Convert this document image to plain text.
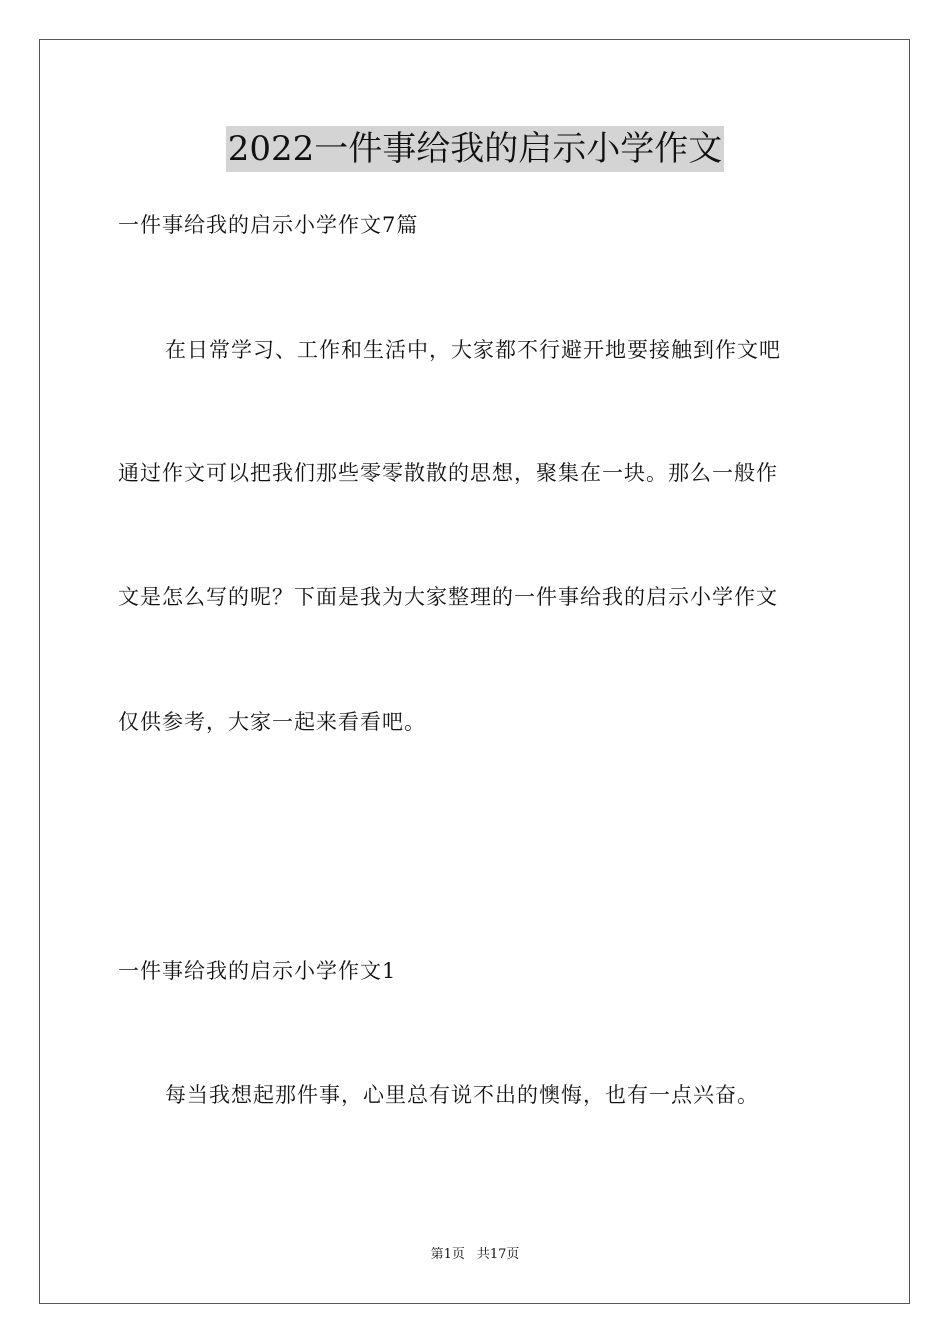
2022一件事给我的启示小学作文
一件事给我的启示小学作文7篇
在日常学习、工作和生活中，大家都不行避开地要接触到作文吧
通过作文可以把我们那些零零散散的思想，聚集在一块。那么一般作
文是怎么写的呢？下面是我为大家整理的一件事给我的启示小学作文
仅供参考，大家一起来看看吧。
一件事给我的启示小学作文1
每当我想起那件事，心里总有说不出的懊悔，也有一点兴奋。
第1页 共17页
